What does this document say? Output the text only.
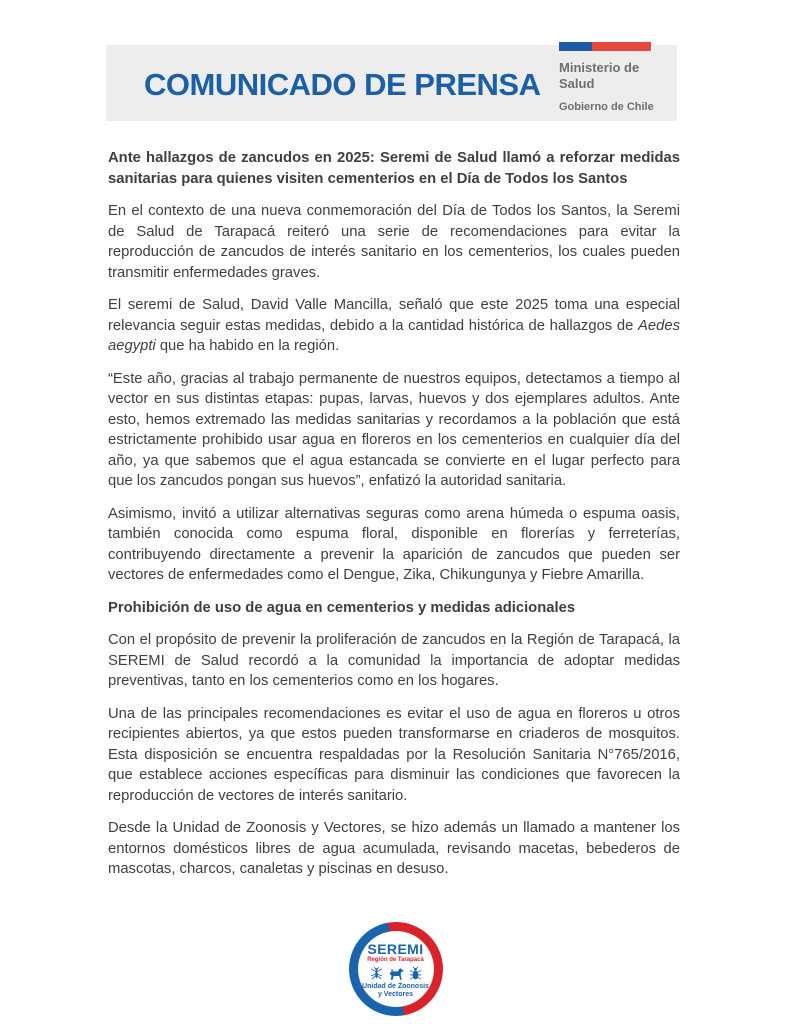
COMUNICADO DE PRENSA Ministerio de
Salud
Gobierno de Chile

Ante hallazgos de zancudos en 2025: Seremi de Salud llamó a reforzar medidas sanitarias para quienes visiten cementerios en el Día de Todos los Santos

En el contexto de una nueva conmemoración del Día de Todos los Santos, la Seremi de Salud de Tarapacá reiteró una serie de recomendaciones para evitar la reproducción de zancudos de interés sanitario en los cementerios, los cuales pueden transmitir enfermedades graves.

El seremi de Salud, David Valle Mancilla, señaló que este 2025 toma una especial relevancia seguir estas medidas, debido a la cantidad histórica de hallazgos de Aedes aegypti que ha habido en la región.

“Este año, gracias al trabajo permanente de nuestros equipos, detectamos a tiempo al vector en sus distintas etapas: pupas, larvas, huevos y dos ejemplares adultos. Ante esto, hemos extremado las medidas sanitarias y recordamos a la población que está estrictamente prohibido usar agua en floreros en los cementerios en cualquier día del año, ya que sabemos que el agua estancada se convierte en el lugar perfecto para que los zancudos pongan sus huevos”, enfatizó la autoridad sanitaria.

Asimismo, invitó a utilizar alternativas seguras como arena húmeda o espuma oasis, también conocida como espuma floral, disponible en florerías y ferreterías, contribuyendo directamente a prevenir la aparición de zancudos que pueden ser vectores de enfermedades como el Dengue, Zika, Chikungunya y Fiebre Amarilla.

Prohibición de uso de agua en cementerios y medidas adicionales

Con el propósito de prevenir la proliferación de zancudos en la Región de Tarapacá, la SEREMI de Salud recordó a la comunidad la importancia de adoptar medidas preventivas, tanto en los cementerios como en los hogares.

Una de las principales recomendaciones es evitar el uso de agua en floreros u otros recipientes abiertos, ya que estos pueden transformarse en criaderos de mosquitos. Esta disposición se encuentra respaldadas por la Resolución Sanitaria N°765/2016, que establece acciones específicas para disminuir las condiciones que favorecen la reproducción de vectores de interés sanitario.

Desde la Unidad de Zoonosis y Vectores, se hizo además un llamado a mantener los entornos domésticos libres de agua acumulada, revisando macetas, bebederos de mascotas, charcos, canaletas y piscinas en desuso.

SEREMI
Región de Tarapacá
Unidad de Zoonosis
y Vectores
